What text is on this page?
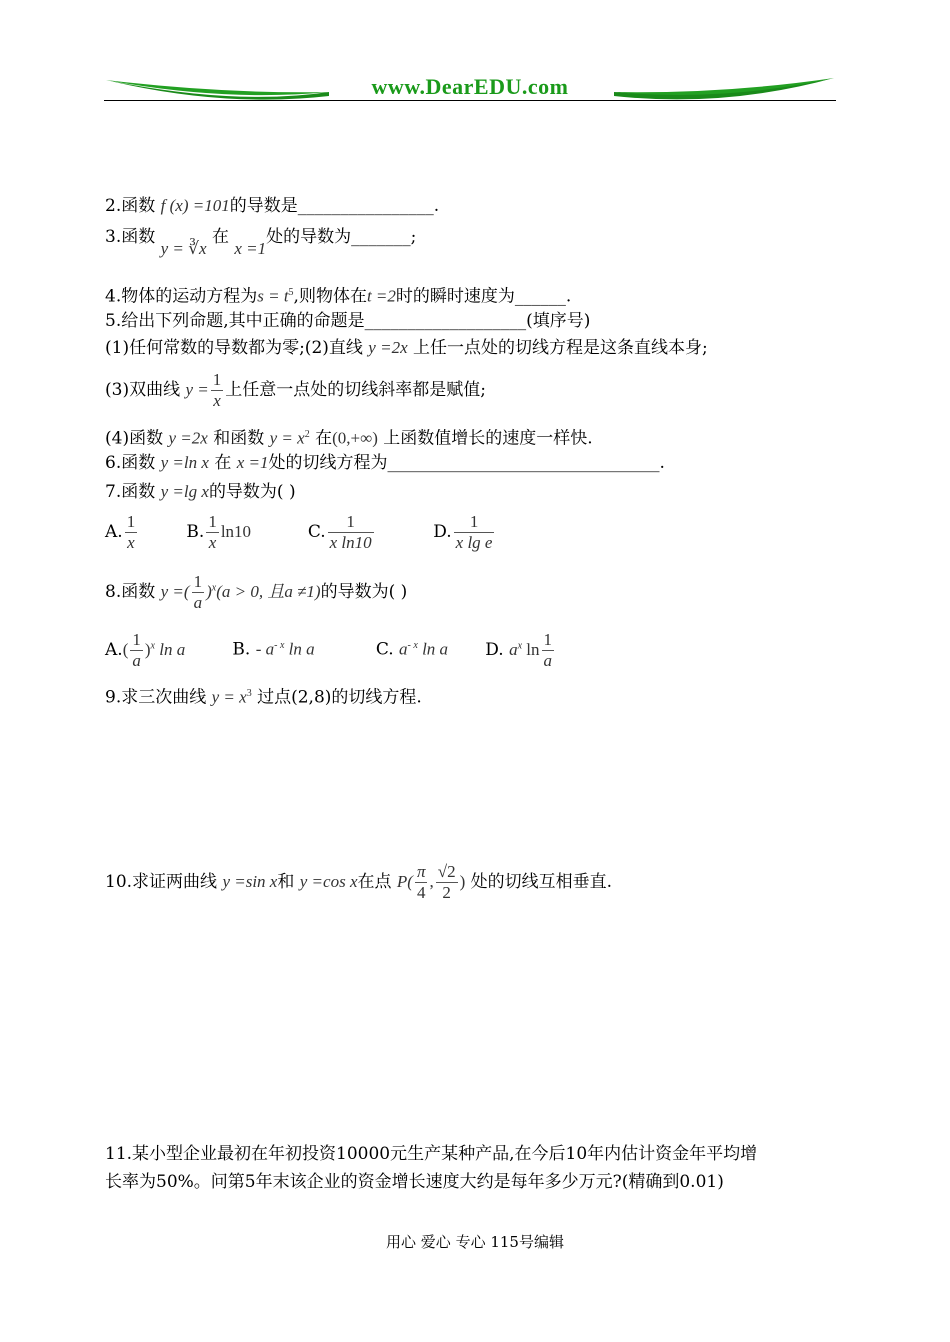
www.DearEDU.com
2.函数 f (x) =101的导数是________________.
3.函数 y = ∛x 在 x =1处的导数为_______;
4.物体的运动方程为$s = t^5$,则物体在t =2时的瞬时速度为______.
5.给出下列命题,其中正确的命题是___________________(填序号)
(1)任何常数的导数都为零;(2)直线 y =2x 上任一点处的切线方程是这条直线本身;
(3)双曲线 $y = \frac{1}{x}$ 上任意一点处的切线斜率都是赋值;
(4)函数 y =2x 和函数 $y = x^2$ 在(0,+∞) 上函数值增长的速度一样快.
6.函数 y =ln x 在 x =1处的切线方程为________________________________.
7.函数 y =lg x的导数为( )
A. $\frac{1}{x}$	B. $\frac{1}{x} \ln 10$	C. $\frac{1}{\text{x ln10}}$	D. $\frac{1}{\text{x lg e}}$
8.函数 y =( $\frac{1}{a} )^x(a > 0$, 且a ≠1)的导数为( )
$A.( \frac{1}{a} )^x$ ln a	B. - $a^{- x}$ ln a	C. $a^{- x}$ ln a D. $a^x$ $\ln \frac{1}{a}$
9.求三次曲线 $y = x^3$ 过点(2,8)的切线方程.
10.求证两曲线 y =sin x和 y =cos x在点 $P( \frac{\pi}{4}$ , $\frac{√2}{2}$ ) 处的切线互相垂直.
11.某小型企业最初在年初投资10000元生产某种产品,在今后10年内估计资金年平均增
长率为50%。问第5年末该企业的资金增长速度大约是每年多少万元?(精确到0.01)
用心 爱心 专心 115号编辑
